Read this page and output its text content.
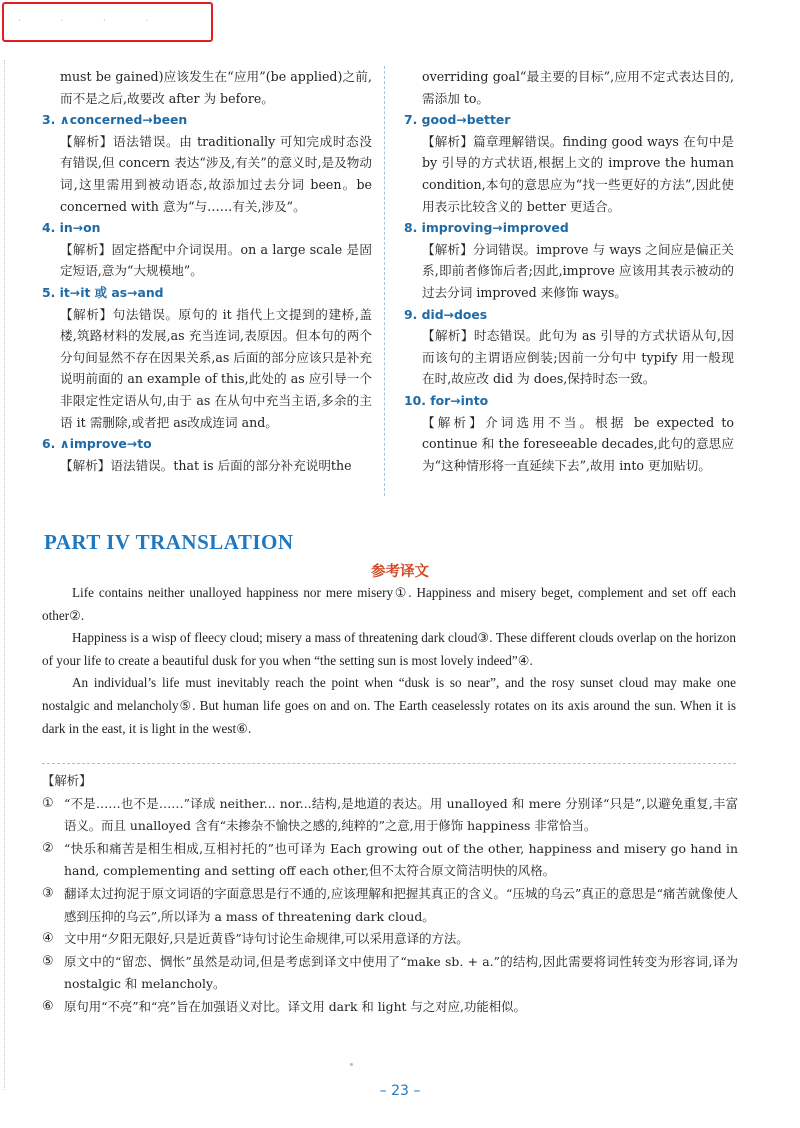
· · · ·

must be gained)应该发生在“应用”(be applied)之前,而不是之后,故要改 after 为 before。

3. ∧concerned→been

【解析】语法错误。由 traditionally 可知完成时态没有错误,但 concern 表达“涉及,有关”的意义时,是及物动词,这里需用到被动语态,故添加过去分词 been。be concerned with 意为“与……有关,涉及”。

4. in→on

【解析】固定搭配中介词误用。on a large scale 是固定短语,意为“大规模地”。

5. it→it 或 as→and

【解析】句法错误。原句的 it 指代上文提到的建桥,盖楼,筑路材料的发展,as 充当连词,表原因。但本句的两个分句间显然不存在因果关系,as 后面的部分应该只是补充说明前面的 an example of this,此处的 as 应引导一个非限定性定语从句,由于 as 在从句中充当主语,多余的主语 it 需删除,或者把 as改成连词 and。

6. ∧improve→to

【解析】语法错误。that is 后面的部分补充说明the

overriding goal“最主要的目标”,应用不定式表达目的,需添加 to。

7. good→better

【解析】篇章理解错误。finding good ways 在句中是 by 引导的方式状语,根据上文的 improve the human condition,本句的意思应为“找一些更好的方法”,因此使用表示比较含义的 better 更适合。

8. improving→improved

【解析】分词错误。improve 与 ways 之间应是偏正关系,即前者修饰后者;因此,improve 应该用其表示被动的过去分词 improved 来修饰 ways。

9. did→does

【解析】时态错误。此句为 as 引导的方式状语从句,因而该句的主谓语应倒装;因前一分句中 typify 用一般现在时,故应改 did 为 does,保持时态一致。

10. for→into

【解析】介词选用不当。根据 be expected to continue 和 the foreseeable decades,此句的意思应为“这种情形将一直延续下去”,故用 into 更加贴切。

PART IV TRANSLATION
参考译文

Life contains neither unalloyed happiness nor mere misery①. Happiness and misery beget, complement and set off each other②.

Happiness is a wisp of fleecy cloud; misery a mass of threatening dark cloud③. These different clouds overlap on the horizon of your life to create a beautiful dusk for you when “the setting sun is most lovely indeed”④.

An individual’s life must inevitably reach the point when “dusk is so near”, and the rosy sunset cloud may make one nostalgic and melancholy⑤. But human life goes on and on. The Earth ceaselessly rotates on its axis around the sun. When it is dark in the east, it is light in the west⑥.

【解析】

① “不是……也不是……”译成 neither... nor...结构,是地道的表达。用 unalloyed 和 mere 分别译“只是”,以避免重复,丰富语义。而且 unalloyed 含有“未掺杂不愉快之感的,纯粹的”之意,用于修饰 happiness 非常恰当。
② “快乐和痛苦是相生相成,互相衬托的”也可译为 Each growing out of the other, happiness and misery go hand in hand, complementing and setting off each other,但不太符合原文简洁明快的风格。
③ 翻译太过拘泥于原文词语的字面意思是行不通的,应该理解和把握其真正的含义。“压城的乌云”真正的意思是“痛苦就像使人感到压抑的乌云”,所以译为 a mass of threatening dark cloud。
④ 文中用“夕阳无限好,只是近黄昏”诗句讨论生命规律,可以采用意译的方法。
⑤ 原文中的“留恋、惆怅”虽然是动词,但是考虑到译文中使用了“make sb. + a.”的结构,因此需要将词性转变为形容词,译为 nostalgic 和 melancholy。
⑥ 原句用“不亮”和“亮”旨在加强语义对比。译文用 dark 和 light 与之对应,功能相似。
– 23 –
